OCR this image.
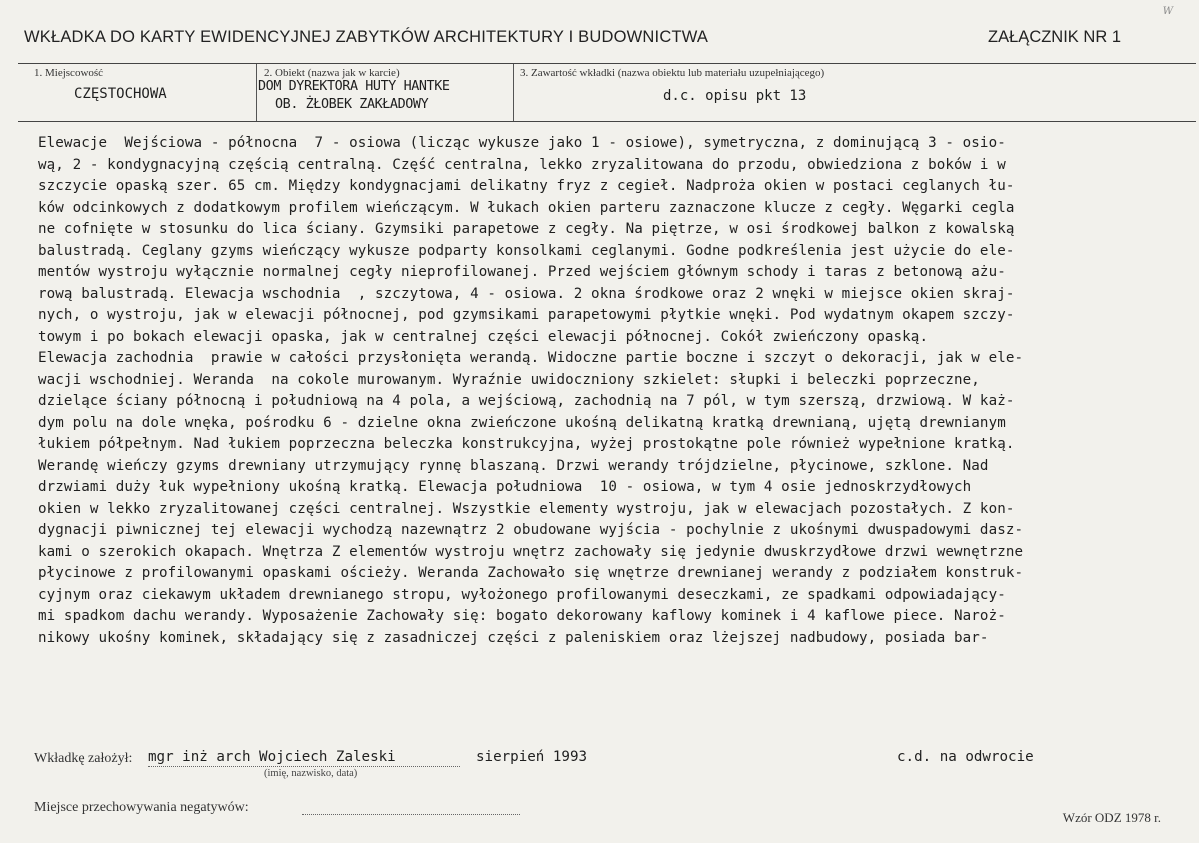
WKŁADKA DO KARTY EWIDENCYJNEJ ZABYTKÓW ARCHITEKTURY I BUDOWNICTWA	ZAŁĄCZNIK NR 1
W
1. Miejscowość
CZĘSTOCHOWA
2. Obiekt (nazwa jak w karcie)
DOM DYREKTORA HUTY HANTKE
OB. ŻŁOBEK ZAKŁADOWY
3. Zawartość wkładki (nazwa obiektu lub materiału uzupełniającego)
d.c. opisu pkt 13
Elewacje  Wejściowa - północna  7 - osiowa (licząc wykusze jako 1 - osiowe), symetryczna, z dominującą 3 - osio-
wą, 2 - kondygnacyjną częścią centralną. Część centralna, lekko zryzalitowana do przodu, obwiedziona z boków i w
szczycie opaską szer. 65 cm. Między kondygnacjami delikatny fryz z cegieł. Nadproża okien w postaci ceglanych łu-
ków odcinkowych z dodatkowym profilem wieńczącym. W łukach okien parteru zaznaczone klucze z cegły. Węgarki cegla
ne cofnięte w stosunku do lica ściany. Gzymsiki parapetowe z cegły. Na piętrze, w osi środkowej balkon z kowalską
balustradą. Ceglany gzyms wieńczący wykusze podparty konsolkami ceglanymi. Godne podkreślenia jest użycie do ele-
mentów wystroju wyłącznie normalnej cegły nieprofilowanej. Przed wejściem głównym schody i taras z betonową ażu-
rową balustradą. Elewacja wschodnia  , szczytowa, 4 - osiowa. 2 okna środkowe oraz 2 wnęki w miejsce okien skraj-
nych, o wystroju, jak w elewacji północnej, pod gzymsikami parapetowymi płytkie wnęki. Pod wydatnym okapem szczy-
towym i po bokach elewacji opaska, jak w centralnej części elewacji północnej. Cokół zwieńczony opaską.
Elewacja zachodnia  prawie w całości przysłonięta werandą. Widoczne partie boczne i szczyt o dekoracji, jak w ele-
wacji wschodniej. Weranda  na cokole murowanym. Wyraźnie uwidoczniony szkielet: słupki i beleczki poprzeczne,
dzielące ściany północną i południową na 4 pola, a wejściową, zachodnią na 7 pól, w tym szerszą, drzwiową. W każ-
dym polu na dole wnęka, pośrodku 6 - dzielne okna zwieńczone ukośną delikatną kratką drewnianą, ujętą drewnianym
łukiem półpełnym. Nad łukiem poprzeczna beleczka konstrukcyjna, wyżej prostokątne pole również wypełnione kratką.
Werandę wieńczy gzyms drewniany utrzymujący rynnę blaszaną. Drzwi werandy trójdzielne, płycinowe, szklone. Nad
drzwiami duży łuk wypełniony ukośną kratką. Elewacja południowa  10 - osiowa, w tym 4 osie jednoskrzydłowych
okien w lekko zryzalitowanej części centralnej. Wszystkie elementy wystroju, jak w elewacjach pozostałych. Z kon-
dygnacji piwnicznej tej elewacji wychodzą nazewnątrz 2 obudowane wyjścia - pochylnie z ukośnymi dwuspadowymi dasz-
kami o szerokich okapach. Wnętrza Z elementów wystroju wnętrz zachowały się jedynie dwuskrzydłowe drzwi wewnętrzne
płycinowe z profilowanymi opaskami ościeży. Weranda Zachowało się wnętrze drewnianej werandy z podziałem konstruk-
cyjnym oraz ciekawym układem drewnianego stropu, wyłożonego profilowanymi deseczkami, ze spadkami odpowiadający-
mi spadkom dachu werandy. Wyposażenie Zachowały się: bogato dekorowany kaflowy kominek i 4 kaflowe piece. Naroż-
nikowy ukośny kominek, składający się z zasadniczej części z paleniskiem oraz lżejszej nadbudowy, posiada bar-
Wkładkę założył: mgr inż arch Wojciech Zaleski	sierpień 1993
(imię, nazwisko, data)
c.d. na odwrocie
Miejsce przechowywania negatywów:
Wzór ODZ 1978 r.
